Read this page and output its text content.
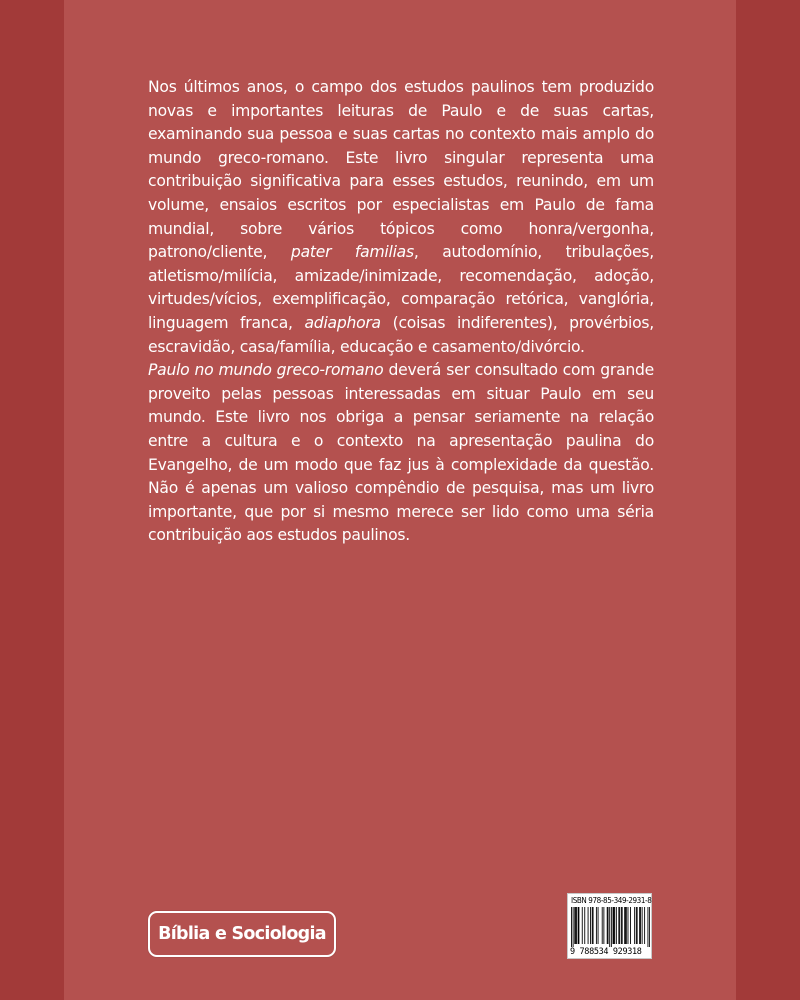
Nos últimos anos, o campo dos estudos paulinos tem produzido novas e importantes leituras de Paulo e de suas cartas, examinando sua pessoa e suas cartas no contexto mais amplo do mundo greco-romano. Este livro singular representa uma contribuição significativa para esses estudos, reunindo, em um volume, ensaios escritos por especialistas em Paulo de fama mundial, sobre vários tópicos como honra/vergonha, patrono/cliente, pater familias, autodomínio, tribulações, atletismo/milícia, amizade/inimizade, recomendação, adoção, virtudes/vícios, exemplificação, comparação retórica, vanglória, linguagem franca, adiaphora (coisas indiferentes), provérbios, escravidão, casa/família, educação e casamento/divórcio.

Paulo no mundo greco-romano deverá ser consultado com grande proveito pelas pessoas interessadas em situar Paulo em seu mundo. Este livro nos obriga a pensar seriamente na relação entre a cultura e o contexto na apresentação paulina do Evangelho, de um modo que faz jus à complexidade da questão. Não é apenas um valioso compêndio de pesquisa, mas um livro importante, que por si mesmo merece ser lido como uma séria contribuição aos estudos paulinos.

Bíblia e Sociologia
ISBN 978-85-349-2931-8
9 788534 929318
